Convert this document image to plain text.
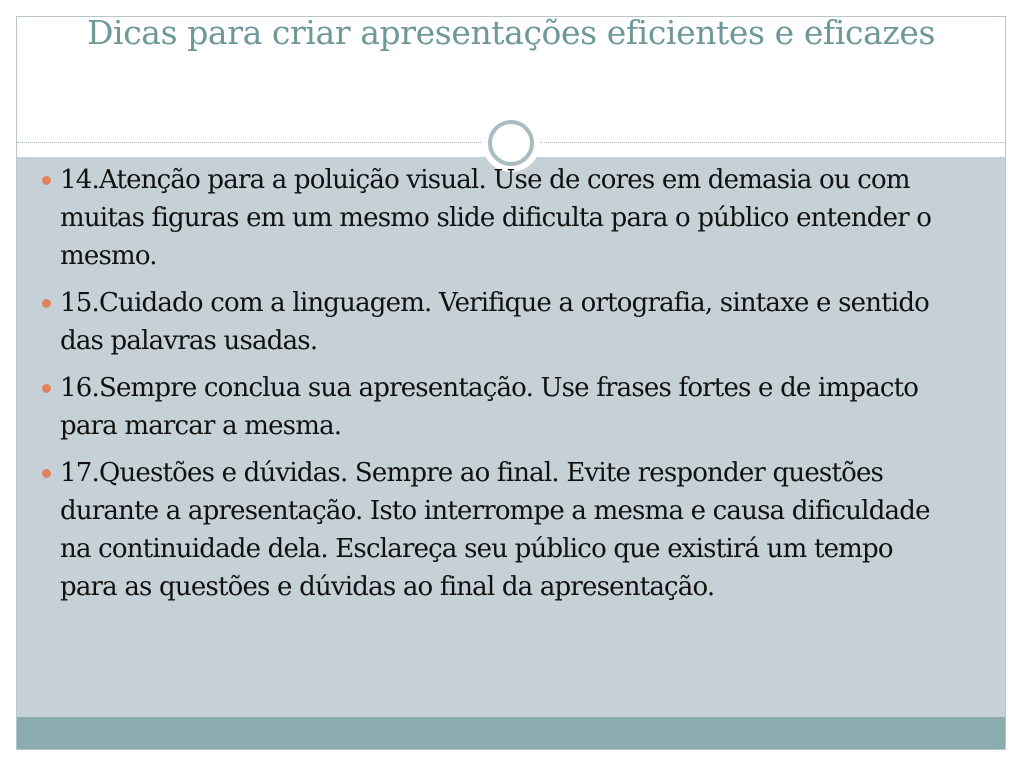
Dicas para criar apresentações eficientes e eficazes
14.Atenção para a poluição visual. Use de cores em demasia ou com muitas figuras em um mesmo slide dificulta para o público entender o mesmo.
15.Cuidado com a linguagem. Verifique a ortografia, sintaxe e sentido das palavras usadas.
16.Sempre conclua sua apresentação. Use frases fortes e de impacto para marcar a mesma.
17.Questões e dúvidas. Sempre ao final. Evite responder questões durante a apresentação. Isto interrompe a mesma e causa dificuldade na continuidade dela. Esclareça seu público que existirá um tempo para as questões e dúvidas ao final da apresentação.
